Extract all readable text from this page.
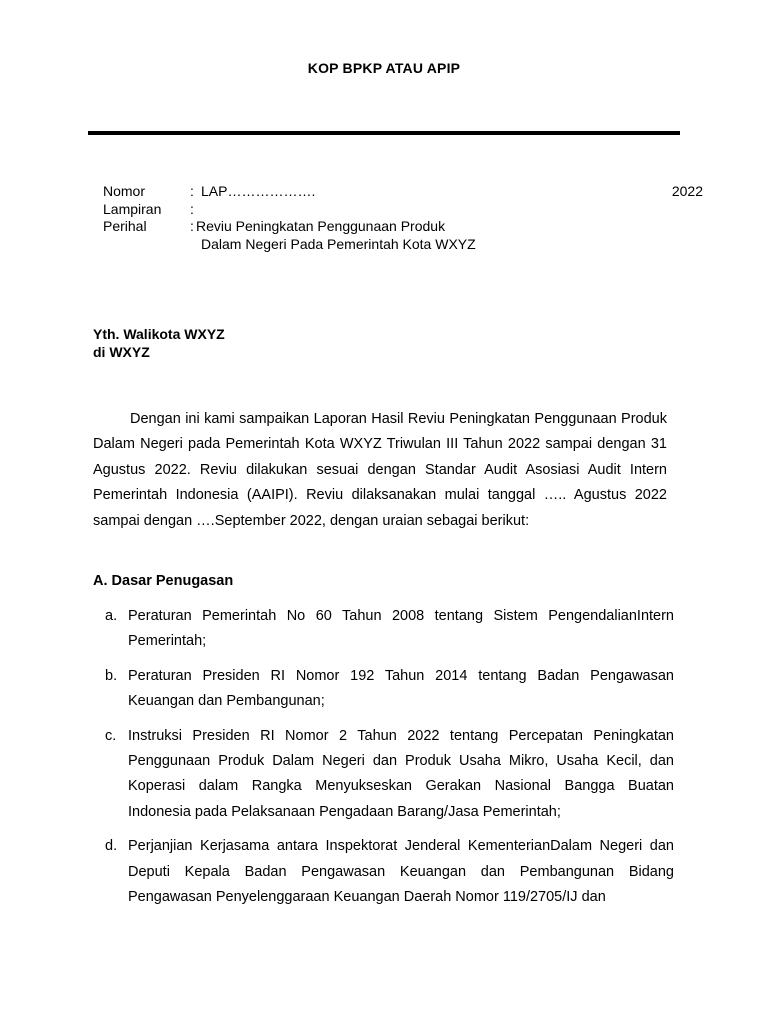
KOP BPKP ATAU APIP
Nomor	: LAP……………….	2022
Lampiran :
Perihal	: Reviu Peningkatan Penggunaan Produk
Dalam Negeri Pada Pemerintah Kota WXYZ
Yth. Walikota WXYZ
di WXYZ

Dengan ini kami sampaikan Laporan Hasil Reviu Peningkatan Penggunaan Produk Dalam Negeri pada Pemerintah Kota WXYZ Triwulan III Tahun 2022 sampai dengan 31 Agustus 2022. Reviu dilakukan sesuai dengan Standar Audit Asosiasi Audit Intern Pemerintah Indonesia (AAIPI). Reviu dilaksanakan mulai tanggal ….. Agustus 2022 sampai dengan ….September 2022, dengan uraian sebagai berikut:

A. Dasar Penugasan
a. Peraturan Pemerintah No 60 Tahun 2008 tentang Sistem PengendalianIntern Pemerintah;
b. Peraturan Presiden RI Nomor 192 Tahun 2014 tentang Badan Pengawasan Keuangan dan Pembangunan;
c. Instruksi Presiden RI Nomor 2 Tahun 2022 tentang Percepatan Peningkatan Penggunaan Produk Dalam Negeri dan Produk Usaha Mikro, Usaha Kecil, dan Koperasi dalam Rangka Menyukseskan Gerakan Nasional Bangga Buatan Indonesia pada Pelaksanaan Pengadaan Barang/Jasa Pemerintah;
d. Perjanjian Kerjasama antara Inspektorat Jenderal KementerianDalam Negeri dan Deputi Kepala Badan Pengawasan Keuangan dan Pembangunan Bidang Pengawasan Penyelenggaraan Keuangan Daerah Nomor 119/2705/IJ dan
